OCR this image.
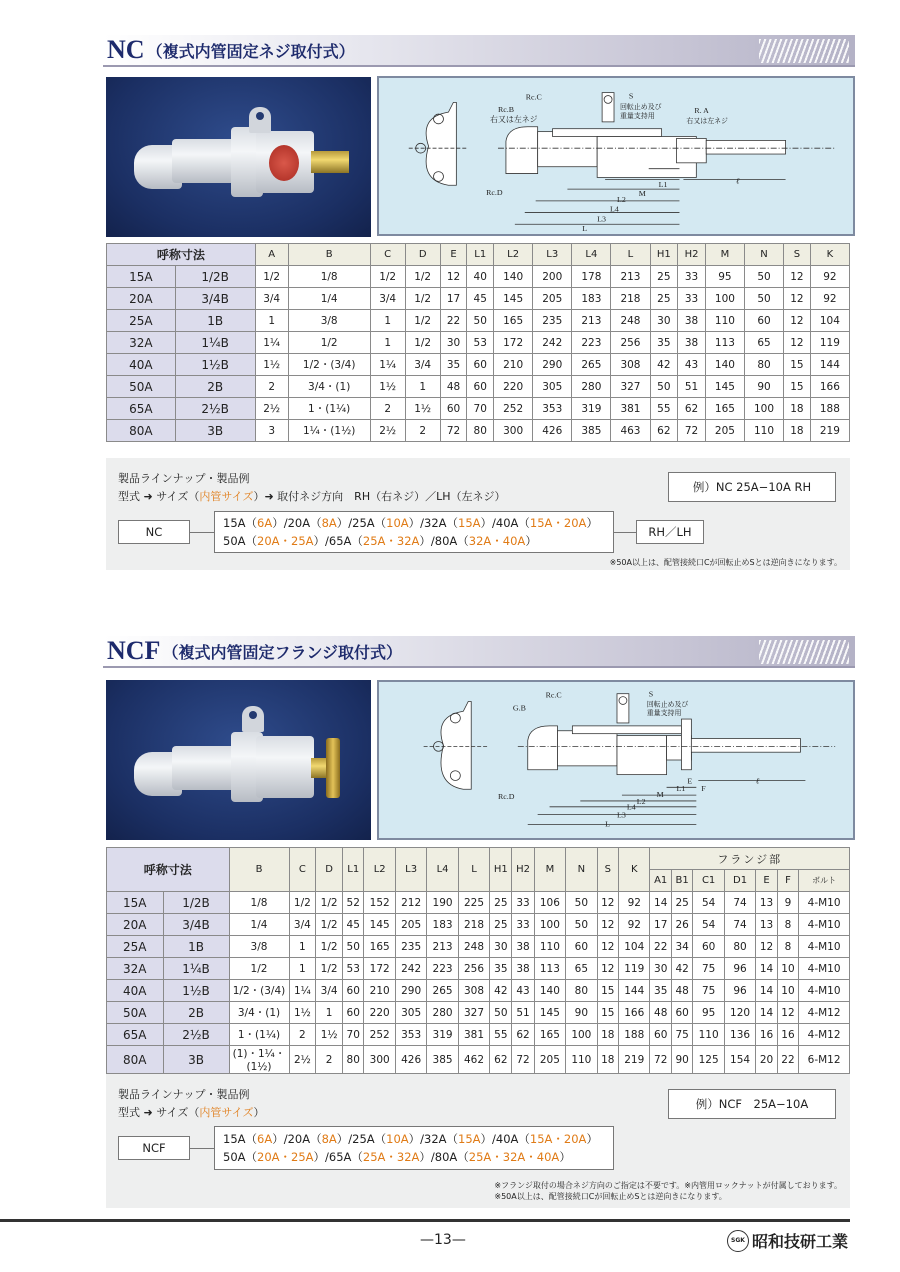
NC （複式内管固定ネジ取付式）
Rc.C
Rc.B
右又は左ネジ
S
回転止め及び
重量支持用
R. A
右又は左ネジ
Rc.D
L1
M
L2
L4
L3
L
ℓ
呼称寸法		A	B	C	D	E	L1	L2	L3	L4	L	H1	H2	M	N	S	K
15A	1/2B	1/2	1/8	1/2	1/2	12	40	140	200	178	213	25	33	95	50	12	92
20A	3/4B	3/4	1/4	3/4	1/2	17	45	145	205	183	218	25	33	100	50	12	92
25A	1B	1	3/8	1	1/2	22	50	165	235	213	248	30	38	110	60	12	104
32A	1¼B	1¼	1/2	1	1/2	30	53	172	242	223	256	35	38	113	65	12	119
40A	1½B	1½	1/2・(3/4)	1¼	3/4	35	60	210	290	265	308	42	43	140	80	15	144
50A	2B	2	3/4・(1)	1½	1	48	60	220	305	280	327	50	51	145	90	15	166
65A	2½B	2½	1・(1¼)	2	1½	60	70	252	353	319	381	55	62	165	100	18	188
80A	3B	3	1¼・(1½)	2½	2	72	80	300	426	385	463	62	72	205	110	18	219
製品ラインナップ・製品例
型式 ➜ サイズ（内管サイズ）➜ 取付ネジ方向　RH（右ネジ）／LH（左ネジ）
例）NC 25A−10A RH
NC
15A（6A）/20A（8A）/25A（10A）/32A（15A）/40A（15A・20A）
50A（20A・25A）/65A（25A・32A）/80A（32A・40A）
RH／LH
※50A以上は、配管接続口Cが回転止めSとは逆向きになります。
NCF （複式内管固定フランジ取付式）
Rc.C
G.B
S
回転止め及び
重量支持用
Rc.D
L1
M
L2
L4
L3
L
E
F
ℓ
呼称寸法		B	C	D	L1	L2	L3	L4	L	H1	H2	M	N	S	K	フランジ部						
																A1	B1	C1	D1	E	F	ボルト
15A	1/2B	1/8	1/2	1/2	52	152	212	190	225	25	33	106	50	12	92	14	25	54	74	13	9	4-M10
20A	3/4B	1/4	3/4	1/2	45	145	205	183	218	25	33	100	50	12	92	17	26	54	74	13	8	4-M10
25A	1B	3/8	1	1/2	50	165	235	213	248	30	38	110	60	12	104	22	34	60	80	12	8	4-M10
32A	1¼B	1/2	1	1/2	53	172	242	223	256	35	38	113	65	12	119	30	42	75	96	14	10	4-M10
40A	1½B	1/2・(3/4)	1¼	3/4	60	210	290	265	308	42	43	140	80	15	144	35	48	75	96	14	10	4-M10
50A	2B	3/4・(1)	1½	1	60	220	305	280	327	50	51	145	90	15	166	48	60	95	120	14	12	4-M12
65A	2½B	1・(1¼)	2	1½	70	252	353	319	381	55	62	165	100	18	188	60	75	110	136	16	16	4-M12
80A	3B	(1)・1¼・(1½)	2½	2	80	300	426	385	462	62	72	205	110	18	219	72	90	125	154	20	22	6-M12
製品ラインナップ・製品例
型式 ➜ サイズ（内管サイズ）
例）NCF　25A−10A
NCF
15A（6A）/20A（8A）/25A（10A）/32A（15A）/40A（15A・20A）
50A（20A・25A）/65A（25A・32A）/80A（25A・32A・40A）
※フランジ取付の場合ネジ方向のご指定は不要です。※内管用ロックナットが付属しております。
※50A以上は、配管接続口Cが回転止めSとは逆向きになります。
—13—	SGK 昭和技研工業
